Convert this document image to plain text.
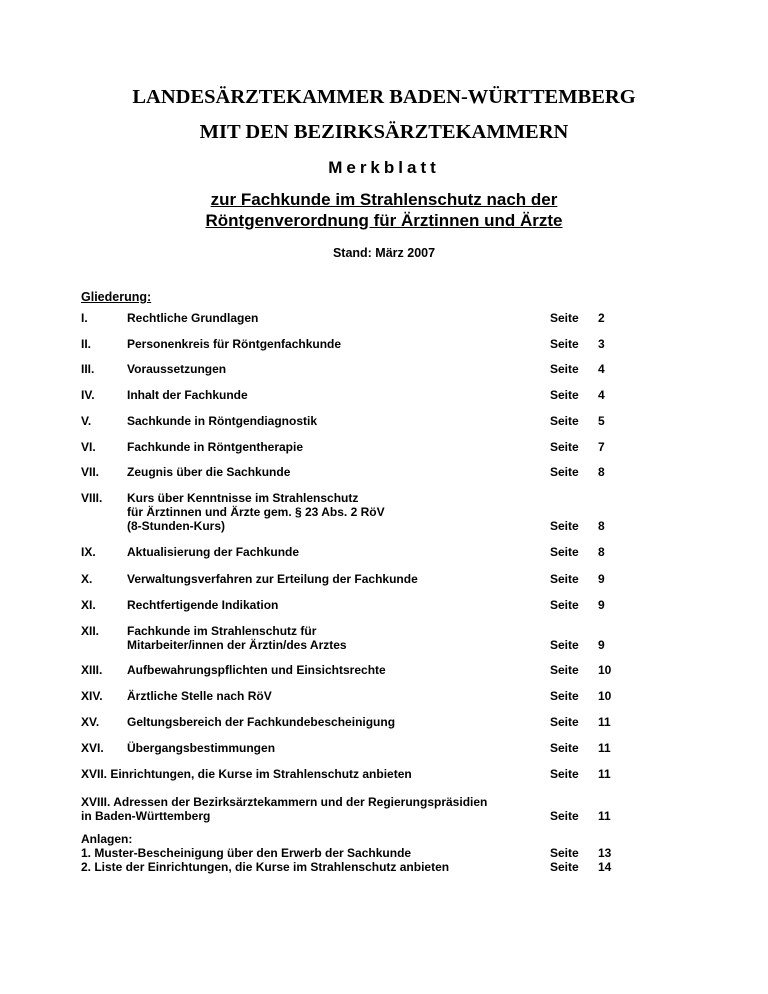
LANDESÄRZTEKAMMER BADEN-WÜRTTEMBERG
MIT DEN BEZIRKSÄRZTEKAMMERN
Merkblatt
zur Fachkunde im Strahlenschutz nach der
Röntgenverordnung für Ärztinnen und Ärzte
Stand: März 2007
Gliederung:
I.	Rechtliche Grundlagen	Seite 2
II.	Personenkreis für Röntgenfachkunde	Seite 3
III.	Voraussetzungen	Seite 4
IV.	Inhalt der Fachkunde	Seite 4
V.	Sachkunde in Röntgendiagnostik	Seite 5
VI.	Fachkunde in Röntgentherapie	Seite 7
VII. Zeugnis über die Sachkunde	Seite 8
VIII. Kurs über Kenntnisse im Strahlenschutz
für Ärztinnen und Ärzte gem. § 23 Abs. 2 RöV
(8-Stunden-Kurs)	Seite 8
IX.	Aktualisierung der Fachkunde	Seite 8
X.	Verwaltungsverfahren zur Erteilung der Fachkunde	Seite 9
XI.	Rechtfertigende Indikation	Seite 9
XII. Fachkunde im Strahlenschutz für
Mitarbeiter/innen der Ärztin/des Arztes	Seite 9
XIII. Aufbewahrungspflichten und Einsichtsrechte	Seite 10
XIV. Ärztliche Stelle nach RöV	Seite 10
XV. Geltungsbereich der Fachkundebescheinigung	Seite 11
XVI. Übergangsbestimmungen	Seite 11
XVII. Einrichtungen, die Kurse im Strahlenschutz anbieten	Seite 11
XVIII. Adressen der Bezirksärztekammern und der Regierungspräsidien
in Baden-Württemberg	Seite 11
Anlagen:
1. Muster-Bescheinigung über den Erwerb der Sachkunde	Seite 13
2. Liste der Einrichtungen, die Kurse im Strahlenschutz anbieten	Seite 14
